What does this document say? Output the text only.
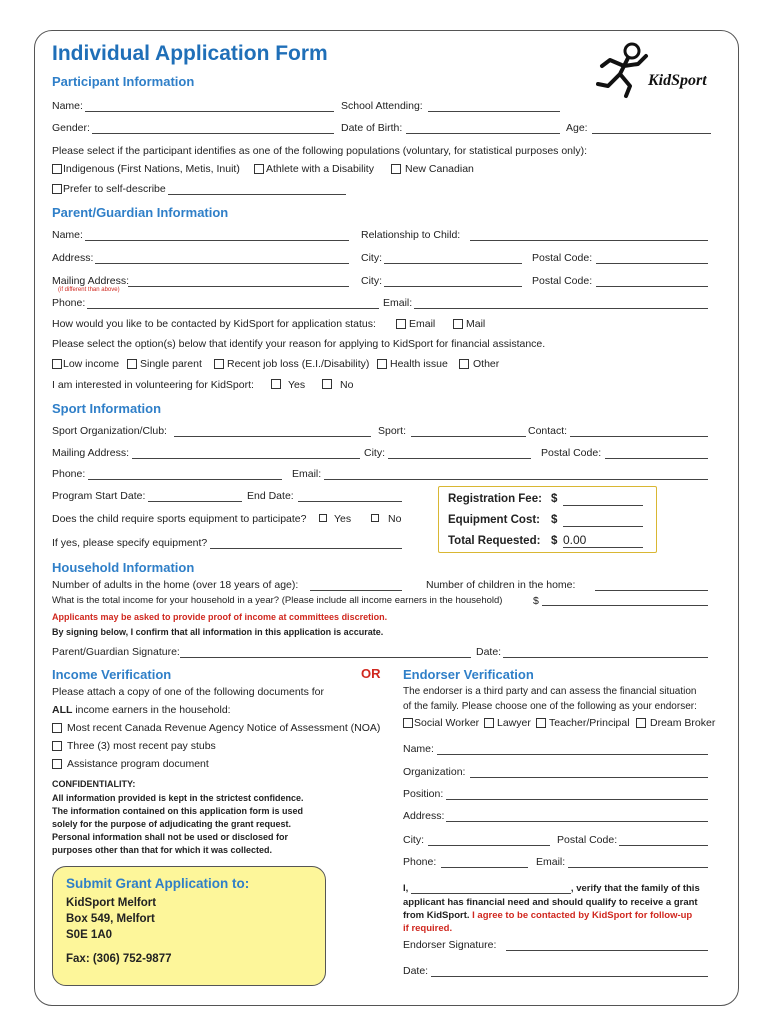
Individual Application Form
KidSport
Participant Information
Name:	School Attending:
Gender:	Date of Birth:	Age:
Please select if the participant identifies as one of the following populations (voluntary, for statistical purposes only):
Indigenous (First Nations, Metis, Inuit) Athlete with a Disability	New Canadian
Prefer to self-describe
Parent/Guardian Information
Name:	Relationship to Child:
Address:	City:	Postal Code:
Mailing Address:
(if different than above)
City:	Postal Code:
Phone:	Email:
How would you like to be contacted by KidSport for application status:	Email	Mail
Please select the option(s) below that identify your reason for applying to KidSport for financial assistance.
Low income Single parent Recent job loss (E.I./Disability) Health issue Other
I am interested in volunteering for KidSport:	Yes	No
Sport Information
Sport Organization/Club:	Sport:	Contact:
Mailing Address:	City:	Postal Code:
Phone:	Email:
Program Start Date:	End Date:
Does the child require sports equipment to participate?	Yes	No
If yes, please specify equipment?
Registration Fee: $
Equipment Cost: $
Total Requested: $ 0.00
Household Information
Number of adults in the home (over 18 years of age):	Number of children in the home:
What is the total income for your household in a year? (Please include all income earners in the household)	$
Applicants may be asked to provide proof of income at committees discretion.
By signing below, I confirm that all information in this application is accurate.
Parent/Guardian Signature:	Date:
Income Verification	OR
Please attach a copy of one of the following documents for
ALL income earners in the household:
Most recent Canada Revenue Agency Notice of Assessment (NOA)
Three (3) most recent pay stubs
Assistance program document
CONFIDENTIALITY:
All information provided is kept in the strictest confidence.
The information contained on this application form is used
solely for the purpose of adjudicating the grant request.
Personal information shall not be used or disclosed for
purposes other than that for which it was collected.
Submit Grant Application to:
KidSport Melfort
Box 549, Melfort
S0E 1A0
Fax: (306) 752-9877
Endorser Verification
The endorser is a third party and can assess the financial situation
of the family. Please choose one of the following as your endorser:
Social Worker Lawyer Teacher/Principal Dream Broker
Name:
Organization:
Position:
Address:
City:	Postal Code:
Phone:	Email:
I,	, verify that the family of this
applicant has financial need and should qualify to receive a grant
from KidSport. I agree to be contacted by KidSport for follow-up
if required.
Endorser Signature:
Date:
